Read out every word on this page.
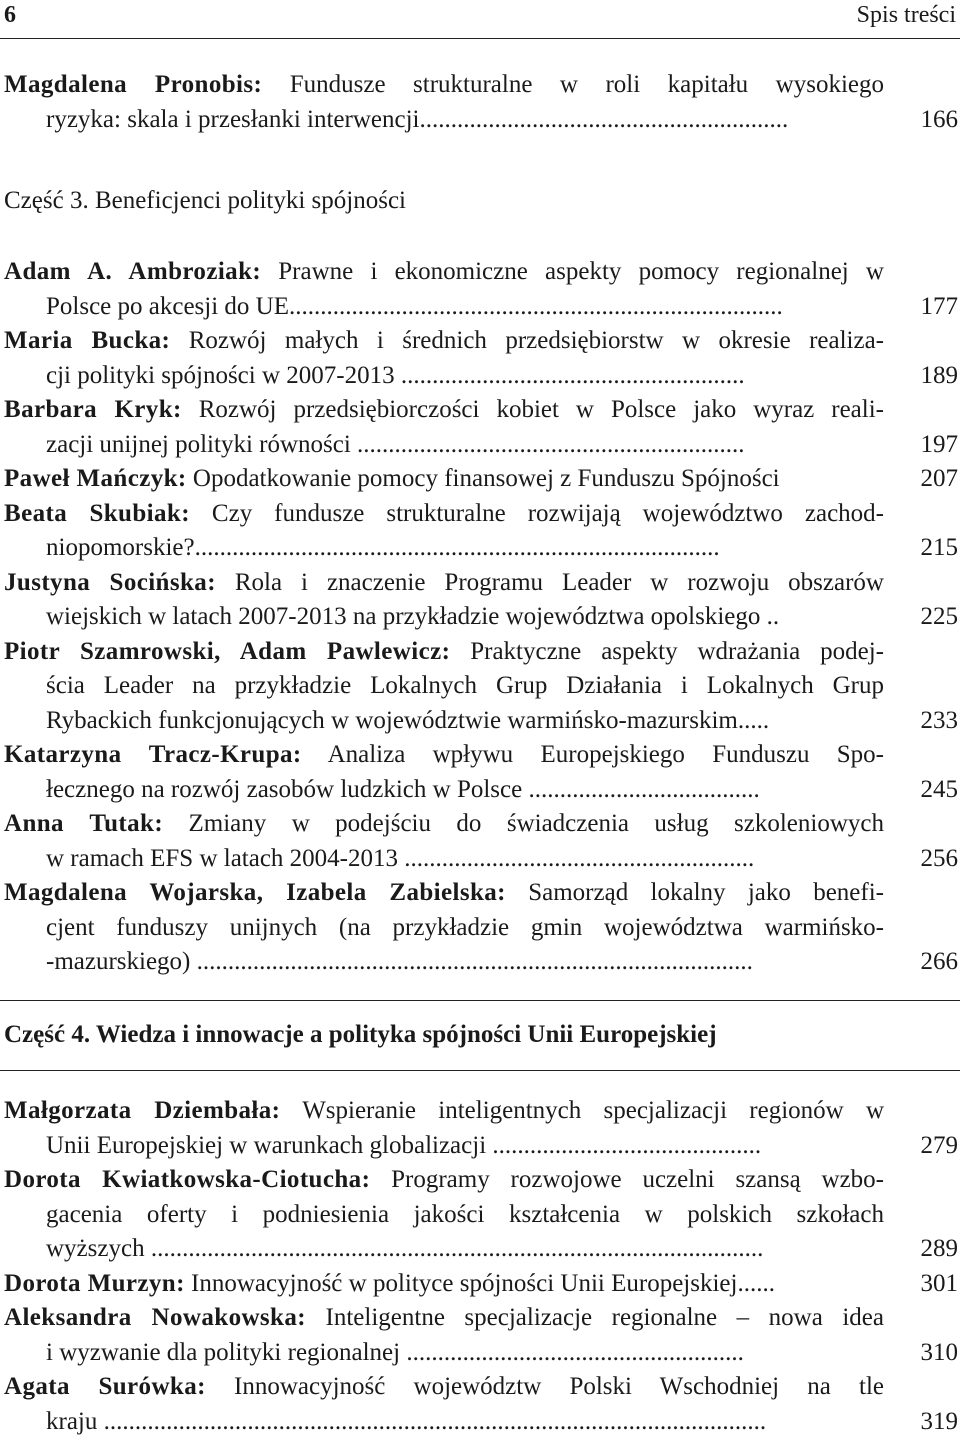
6	Spis treści
Magdalena Pronobis: Fundusze strukturalne w roli kapitału wysokiego
ryzyka: skala i przesłanki interwencji...........................................................	166
Część 3. Beneficjenci polityki spójności
Adam A. Ambroziak: Prawne i ekonomiczne aspekty pomocy regionalnej w
Polsce po akcesji do UE...............................................................................	177
Maria Bucka: Rozwój małych i średnich przedsiębiorstw w okresie realiza-
cji polityki spójności w 2007-2013 .......................................................	189
Barbara Kryk: Rozwój przedsiębiorczości kobiet w Polsce jako wyraz reali-
zacji unijnej polityki równości ..............................................................	197
Paweł Mańczyk: Opodatkowanie pomocy finansowej z Funduszu Spójności	207
Beata Skubiak: Czy fundusze strukturalne rozwijają województwo zachod-
niopomorskie?....................................................................................	215
Justyna Socińska: Rola i znaczenie Programu Leader w rozwoju obszarów
wiejskich w latach 2007-2013 na przykładzie województwa opolskiego ..	225
Piotr Szamrowski, Adam Pawlewicz: Praktyczne aspekty wdrażania podej-
ścia Leader na przykładzie Lokalnych Grup Działania i Lokalnych Grup
Rybackich funkcjonujących w województwie warmińsko-mazurskim.....	233
Katarzyna Tracz-Krupa: Analiza wpływu Europejskiego Funduszu Spo-
łecznego na rozwój zasobów ludzkich w Polsce .....................................	245
Anna Tutak: Zmiany w podejściu do świadczenia usług szkoleniowych
w ramach EFS w latach 2004-2013 ........................................................	256
Magdalena Wojarska, Izabela Zabielska: Samorząd lokalny jako benefi-
cjent funduszy unijnych (na przykładzie gmin województwa warmińsko-
-mazurskiego) .........................................................................................	266
Część 4. Wiedza i innowacje a polityka spójności Unii Europejskiej
Małgorzata Dziembała: Wspieranie inteligentnych specjalizacji regionów w
Unii Europejskiej w warunkach globalizacji ...........................................	279
Dorota Kwiatkowska-Ciotucha: Programy rozwojowe uczelni szansą wzbo-
gacenia oferty i podniesienia jakości kształcenia w polskich szkołach
wyższych ..................................................................................................	289
Dorota Murzyn: Innowacyjność w polityce spójności Unii Europejskiej......	301
Aleksandra Nowakowska: Inteligentne specjalizacje regionalne – nowa idea
i wyzwanie dla polityki regionalnej ......................................................	310
Agata Surówka: Innowacyjność województw Polski Wschodniej na tle
kraju ..........................................................................................................	319
